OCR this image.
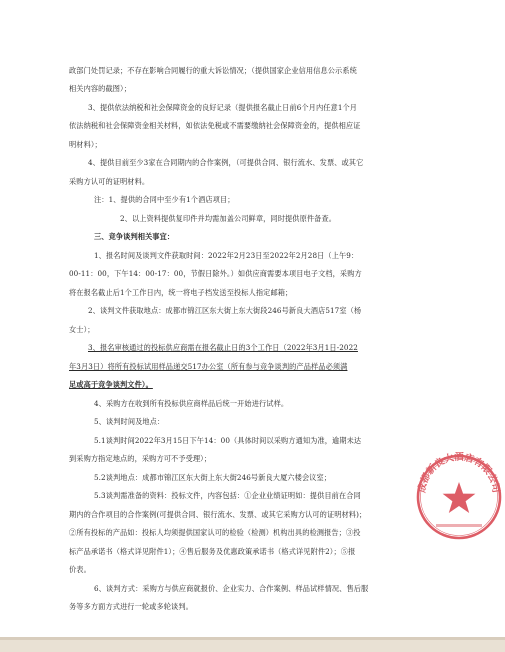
政部门处罚记录；不存在影响合同履行的重大诉讼情况；（提供国家企业信用信息公示系统
相关内容的截图）；
3、提供依法纳税和社会保障资金的良好记录（提供报名截止日前6个月内任意1个月
依法纳税和社会保障资金相关材料，如依法免税或不需要缴纳社会保障资金的，提供相应证
明材料）；
4、提供目前至少3家在合同期内的合作案例，（可提供合同、银行流水、发票、或其它
采购方认可的证明材料。
注：1、提供的合同中至少有1个酒店项目；
2、以上资料提供复印件并均需加盖公司鲜章，同时提供原件备查。
三、竞争谈判相关事宜：
1、报名时间及谈判文件获取时间：2022年2月23日至2022年2月28日（上午9：
00-11：00，下午14：00-17：00，节假日除外。）如供应商需要本项目电子文档，采购方
将在报名截止后1个工作日内，统一将电子档发送至投标人指定邮箱；
2、谈判文件获取地点：成都市锦江区东大街上东大街段246号新良大酒店517室（杨
女士）；
3、报名审核通过的投标供应商需在报名截止日的3个工作日（2022年3月1日-2022
年3月3日）将所有投标试用样品递交517办公室（所有参与竞争谈判的产品样品必须满
足或高于竞争谈判文件）。
4、采购方在收到所有投标供应商样品后统一开始进行试样。
5、谈判时间及地点：
5.1谈判时间2022年3月15日下午14：00（具体时间以采购方通知为准，逾期未达
到采购方指定地点的，采购方可不予受理）；
5.2谈判地点：成都市锦江区东大街上东大街246号新良大厦六楼会议室；
5.3谈判需准备的资料：投标文件，内容包括：①企业业绩证明如：提供目前在合同
期内的合作项目的合作案例(可提供合同、银行流水、发票、或其它采购方认可的证明材料)；
②所有投标的产品如：投标人均须提供国家认可的检验（检测）机构出具的检测报告；③投
标产品承诺书（格式详见附件1）；④售后服务及优惠政策承诺书（格式详见附件2）；⑤报
价表。
6、谈判方式：采购方与供应商就报价、企业实力、合作案例、样品试样情况、售后服
务等多方面方式进行一轮或多轮谈判。
成都新良大酒店有限公司
